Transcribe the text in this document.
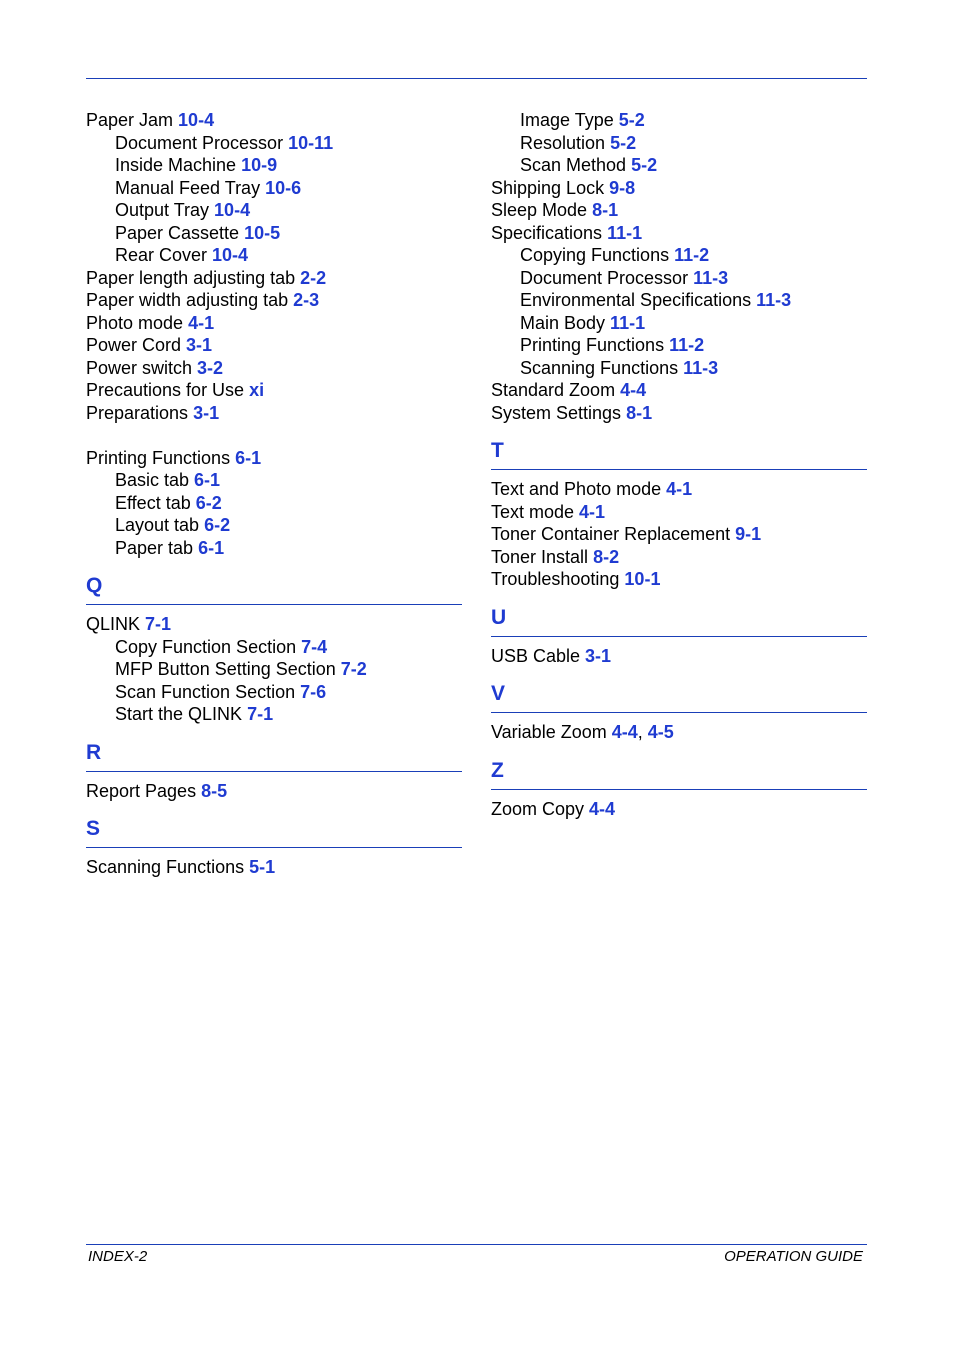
Paper Jam 10-4
Document Processor 10-11
Inside Machine 10-9
Manual Feed Tray 10-6
Output Tray 10-4
Paper Cassette 10-5
Rear Cover 10-4
Paper length adjusting tab 2-2
Paper width adjusting tab 2-3
Photo mode 4-1
Power Cord 3-1
Power switch 3-2
Precautions for Use xi
Preparations 3-1
Printing Functions 6-1
Basic tab 6-1
Effect tab 6-2
Layout tab 6-2
Paper tab 6-1
Q
QLINK 7-1
Copy Function Section 7-4
MFP Button Setting Section 7-2
Scan Function Section 7-6
Start the QLINK 7-1
R
Report Pages 8-5
S
Scanning Functions 5-1
Image Type 5-2
Resolution 5-2
Scan Method 5-2
Shipping Lock 9-8
Sleep Mode 8-1
Specifications 11-1
Copying Functions 11-2
Document Processor 11-3
Environmental Specifications 11-3
Main Body 11-1
Printing Functions 11-2
Scanning Functions 11-3
Standard Zoom 4-4
System Settings 8-1
T
Text and Photo mode 4-1
Text mode 4-1
Toner Container Replacement 9-1
Toner Install 8-2
Troubleshooting 10-1
U
USB Cable 3-1
V
Variable Zoom 4-4, 4-5
Z
Zoom Copy 4-4
INDEX-2	OPERATION GUIDE
